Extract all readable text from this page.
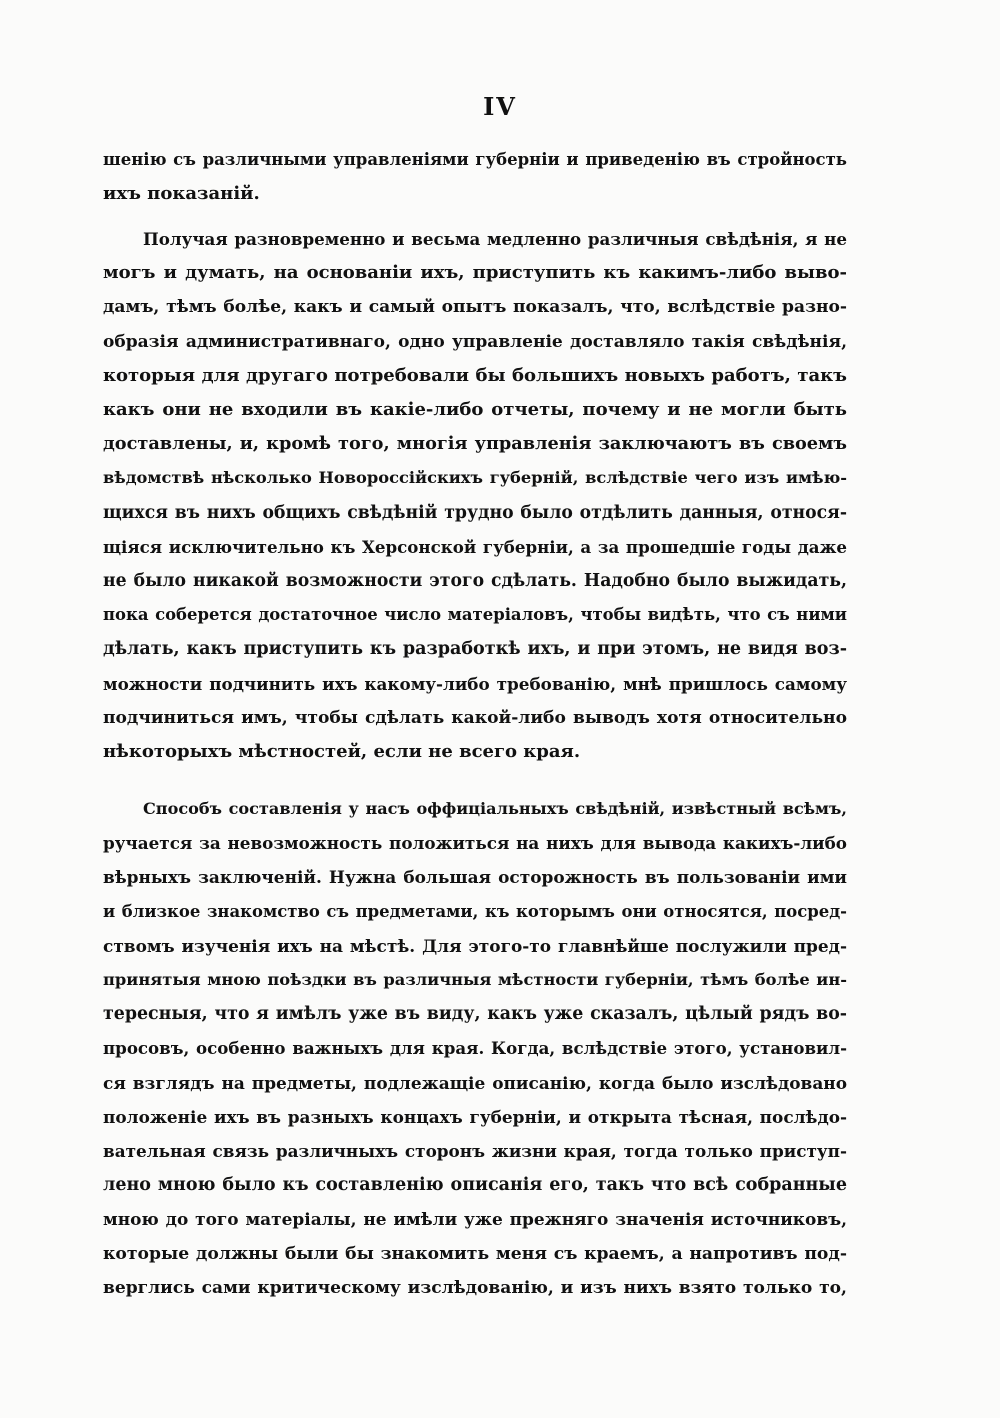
IV
шенію съ различными управленіями губерніи и приведенію въ стройность
ихъ показаній.
Получая разновременно и весьма медленно различныя свѣдѣнія, я не
могъ и думать, на основаніи ихъ, приступить къ какимъ-либо выво-
дамъ, тѣмъ болѣе, какъ и самый опытъ показалъ, что, вслѣдствіе разно-
образія административнаго, одно управленіе доставляло такія свѣдѣнія,
которыя для другаго потребовали бы большихъ новыхъ работъ, такъ
какъ они не входили въ какіе-либо отчеты, почему и не могли быть
доставлены, и, кромѣ того, многія управленія заключаютъ въ своемъ
вѣдомствѣ нѣсколько Новороссійскихъ губерній, вслѣдствіе чего изъ имѣю-
щихся въ нихъ общихъ свѣдѣній трудно было отдѣлить данныя, относя-
щіяся исключительно къ Херсонской губерніи, а за прошедшіе годы даже
не было никакой возможности этого сдѣлать. Надобно было выжидать,
пока соберется достаточное число матеріаловъ, чтобы видѣть, что съ ними
дѣлать, какъ приступить къ разработкѣ ихъ, и при этомъ, не видя воз-
можности подчинить ихъ какому-либо требованію, мнѣ пришлось самому
подчиниться имъ, чтобы сдѣлать какой-либо выводъ хотя относительно
нѣкоторыхъ мѣстностей, если не всего края.
Способъ составленія у насъ оффиціальныхъ свѣдѣній, извѣстный всѣмъ,
ручается за невозможность положиться на нихъ для вывода какихъ-либо
вѣрныхъ заключеній. Нужна большая осторожность въ пользованіи ими
и близкое знакомство съ предметами, къ которымъ они относятся, посред-
ствомъ изученія ихъ на мѣстѣ. Для этого-то главнѣйше послужили пред-
принятыя мною поѣздки въ различныя мѣстности губерніи, тѣмъ болѣе ин-
тересныя, что я имѣлъ уже въ виду, какъ уже сказалъ, цѣлый рядъ во-
просовъ, особенно важныхъ для края. Когда, вслѣдствіе этого, установил-
ся взглядъ на предметы, подлежащіе описанію, когда было изслѣдовано
положеніе ихъ въ разныхъ концахъ губерніи, и открыта тѣсная, послѣдо-
вательная связь различныхъ сторонъ жизни края, тогда только приступ-
лено мною было къ составленію описанія его, такъ что всѣ собранные
мною до того матеріалы, не имѣли уже прежняго значенія источниковъ,
которые должны были бы знакомить меня съ краемъ, а напротивъ под-
верглись сами критическому изслѣдованію, и изъ нихъ взято только то,
